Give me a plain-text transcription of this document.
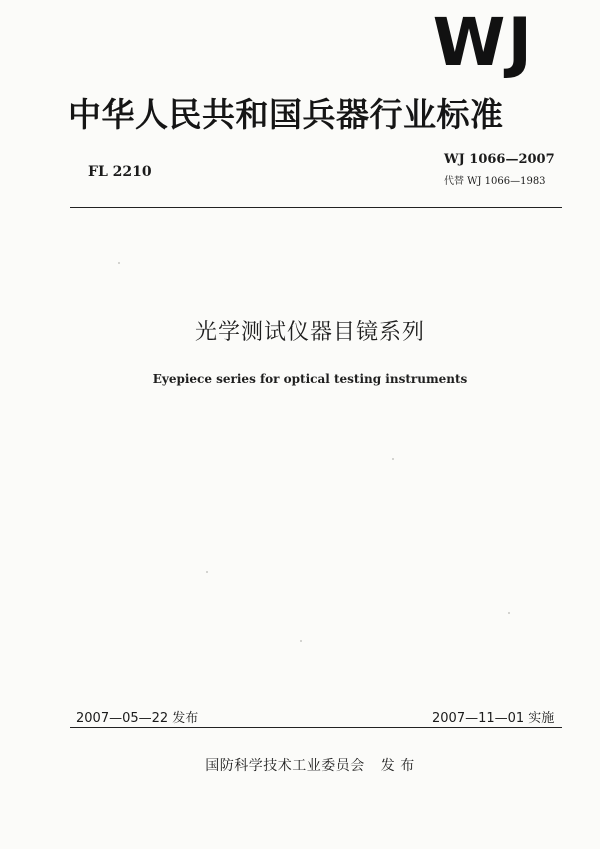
WJ
中华人民共和国兵器行业标准
FL 2210
WJ 1066—2007
代替 WJ 1066—1983
光学测试仪器目镜系列
Eyepiece series for optical testing instruments
2007—05—22 发布	2007—11—01 实施
国防科学技术工业委员会 发 布
